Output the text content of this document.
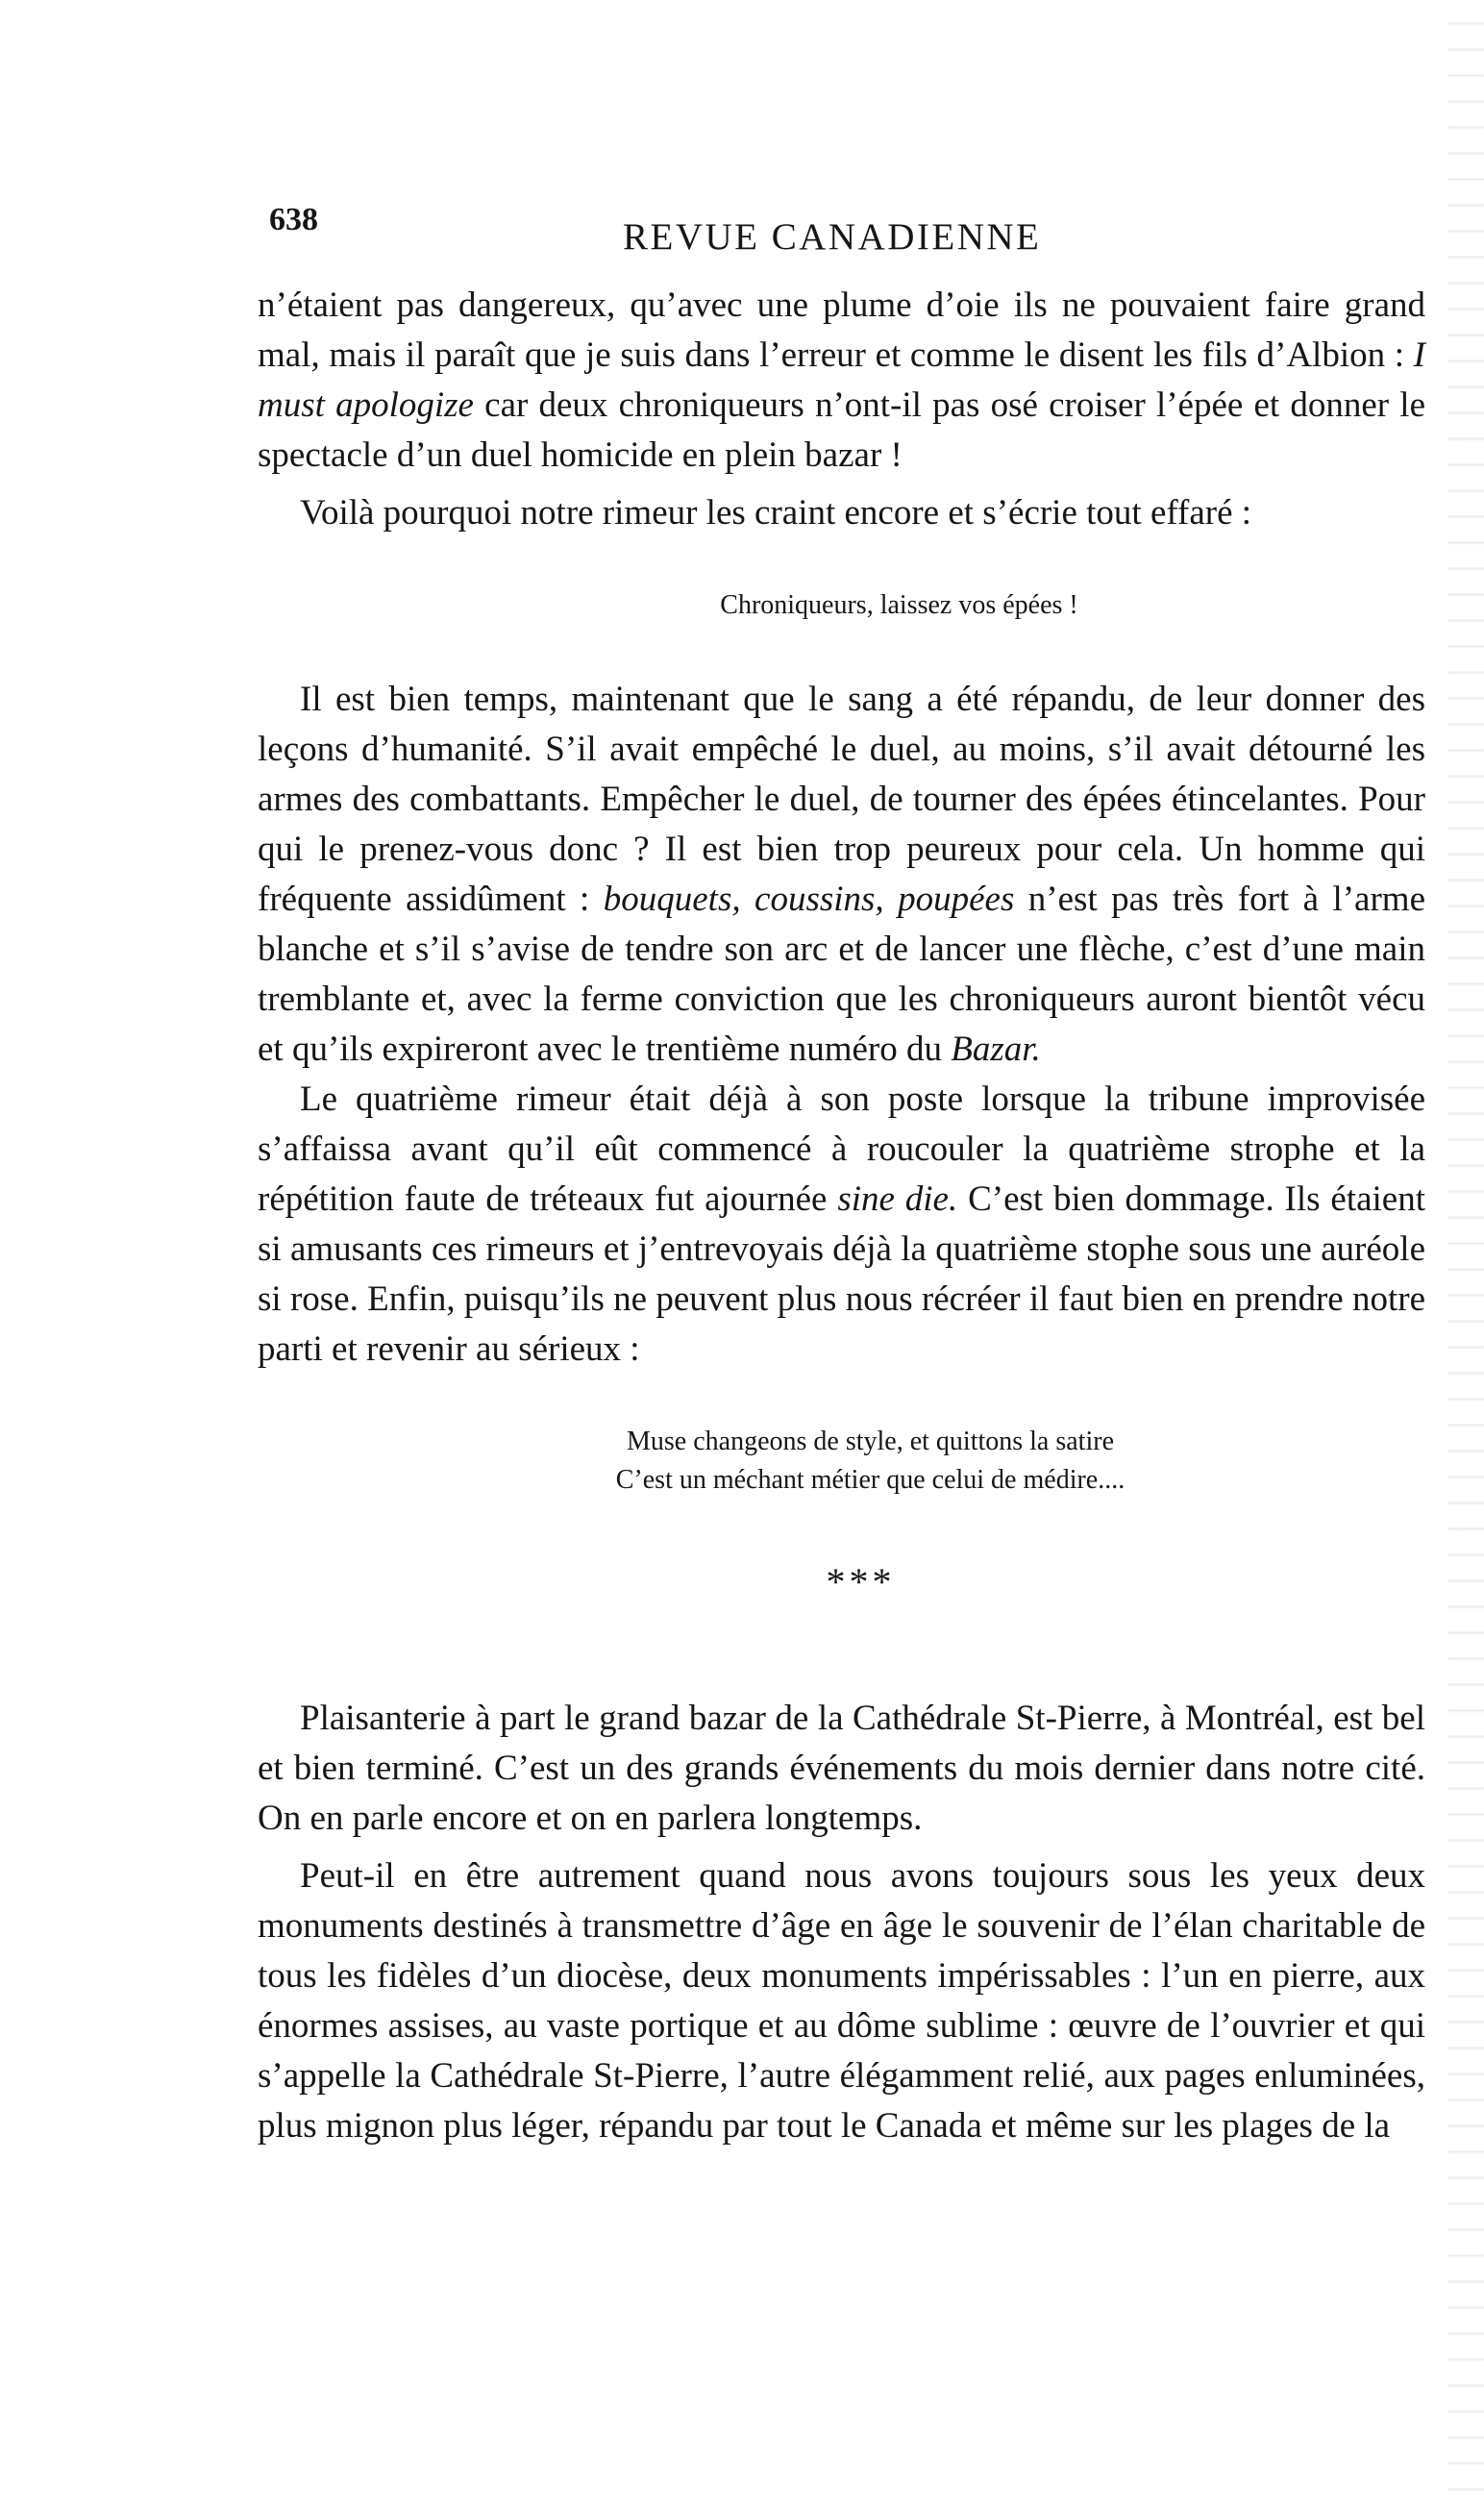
638	REVUE CANADIENNE

n’étaient pas dangereux, qu’avec une plume d’oie ils ne pouvaient faire grand mal, mais il paraît que je suis dans l’erreur et comme le disent les fils d’Albion : I must apologize car deux chroniqueurs n’ont-il pas osé croiser l’épée et donner le spectacle d’un duel homicide en plein bazar !

Voilà pourquoi notre rimeur les craint encore et s’écrie tout effaré :

Chroniqueurs, laissez vos épées !

Il est bien temps, maintenant que le sang a été répandu, de leur donner des leçons d’humanité. S’il avait empêché le duel, au moins, s’il avait détourné les armes des combattants. Empêcher le duel, de tourner des épées étincelantes. Pour qui le prenez-vous donc ? Il est bien trop peureux pour cela. Un homme qui fréquente assidûment : bouquets, coussins, poupées n’est pas très fort à l’arme blanche et s’il s’avise de tendre son arc et de lancer une flèche, c’est d’une main tremblante et, avec la ferme conviction que les chroniqueurs auront bientôt vécu et qu’ils expireront avec le trentième numéro du Bazar.

Le quatrième rimeur était déjà à son poste lorsque la tribune improvisée s’affaissa avant qu’il eût commencé à roucouler la quatrième strophe et la répétition faute de tréteaux fut ajournée sine die. C’est bien dommage. Ils étaient si amusants ces rimeurs et j’entrevoyais déjà la quatrième stophe sous une auréole si rose. Enfin, puisqu’ils ne peuvent plus nous récréer il faut bien en prendre notre parti et revenir au sérieux :

Muse changeons de style, et quittons la satire
C’est un méchant métier que celui de médire....
***

Plaisanterie à part le grand bazar de la Cathédrale St-Pierre, à Montréal, est bel et bien terminé. C’est un des grands événements du mois dernier dans notre cité. On en parle encore et on en parlera longtemps.

Peut-il en être autrement quand nous avons toujours sous les yeux deux monuments destinés à transmettre d’âge en âge le souvenir de l’élan charitable de tous les fidèles d’un diocèse, deux monuments impérissables : l’un en pierre, aux énormes assises, au vaste portique et au dôme sublime : œuvre de l’ouvrier et qui s’appelle la Cathédrale St-Pierre, l’autre élégamment relié, aux pages enluminées, plus mignon plus léger, répandu par tout le Canada et même sur les plages de la
